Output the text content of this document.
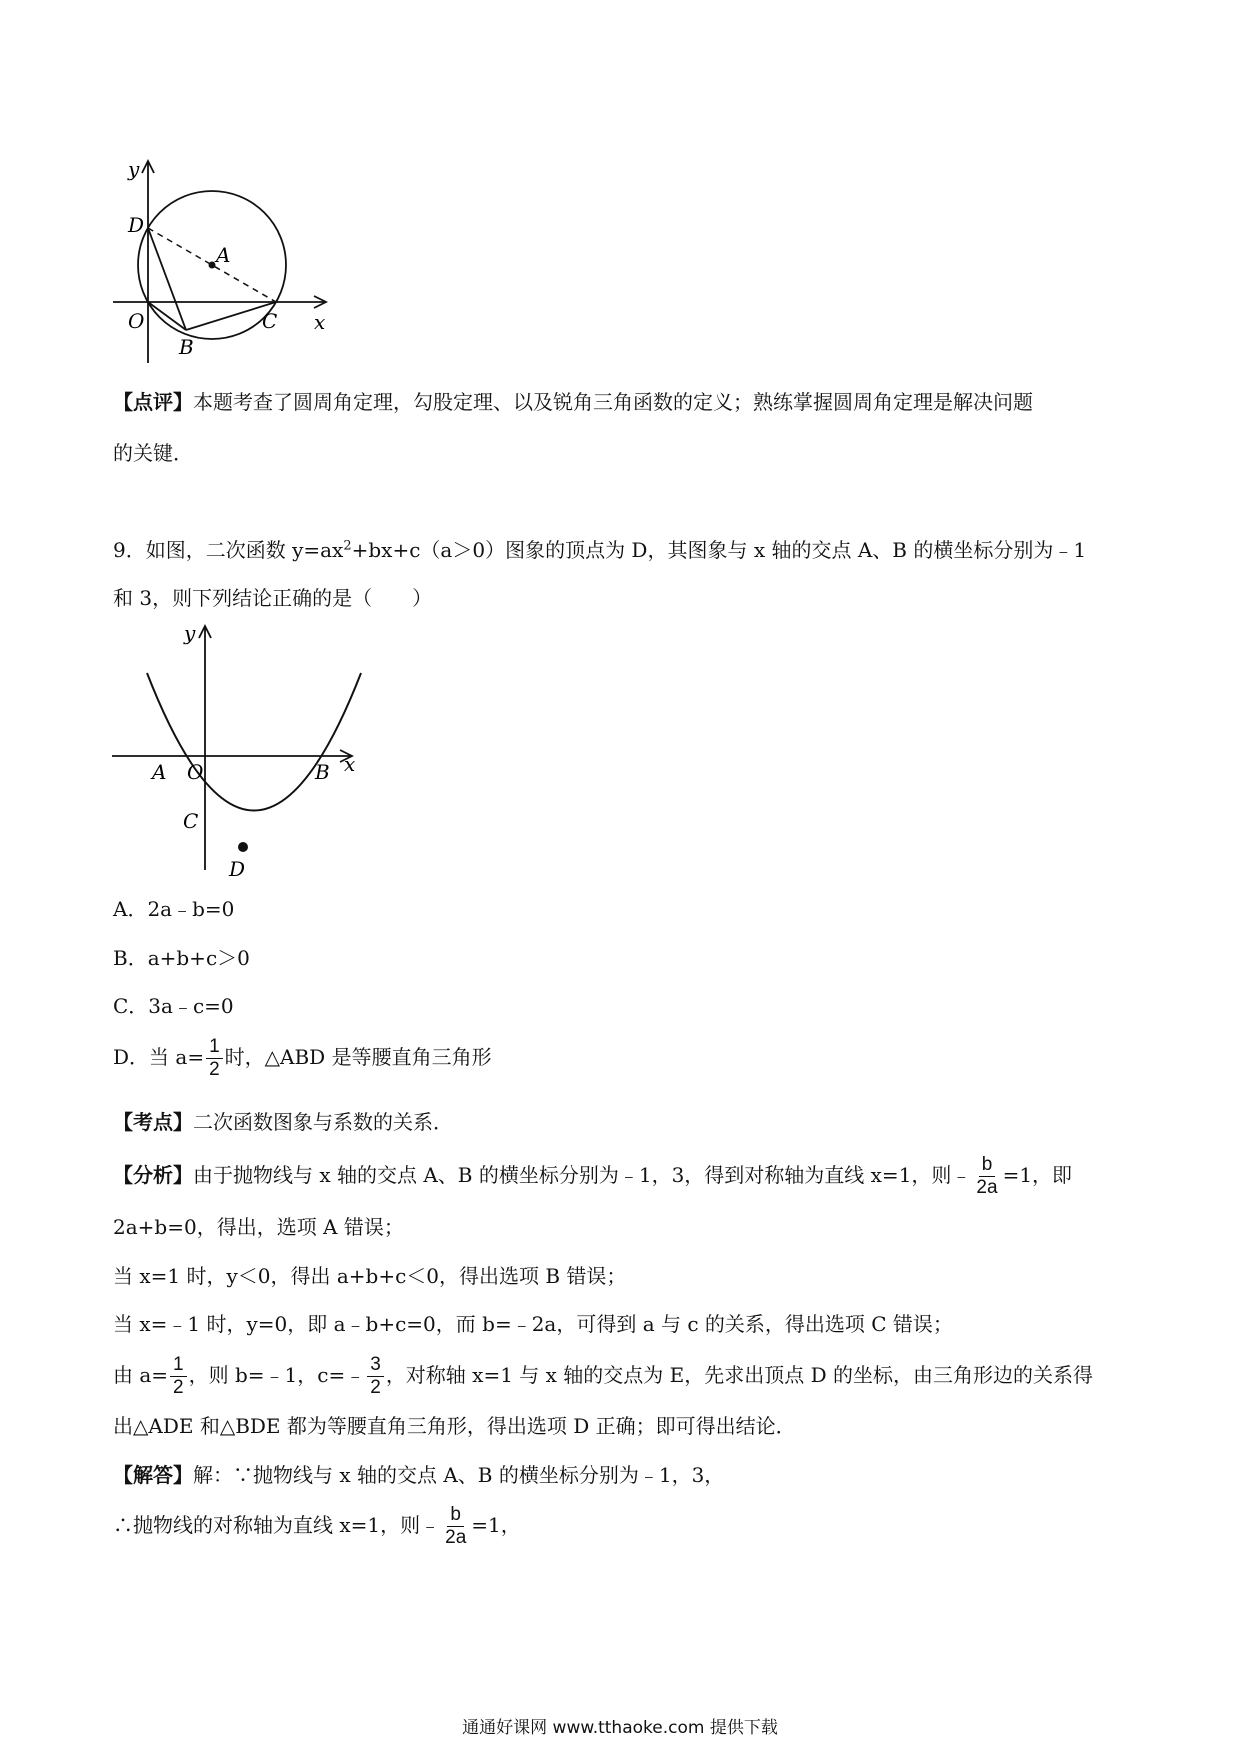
y
x
D
A
O	C
B
【点评】本题考查了圆周角定理，勾股定理、以及锐角三角函数的定义；熟练掌握圆周角定理是解决问题
的关键．
9．如图，二次函数 $y=ax^2+bx+c(a>0)$图象的顶点为 D，其图象与 x 轴的交点 A、B 的横坐标分别为﹣1
和 3，则下列结论正确的是（　　）
y
x
A O	B
C
D
A．2a﹣b=0
B．a+b+c＞0
C．3a﹣c=0
D．当 $a= \frac{1}{2}$ 时，△ABD 是等腰直角三角形
【考点】二次函数图象与系数的关系．
【分析】由于抛物线与 x 轴的交点 A、B 的横坐标分别为﹣1，3，得到对称轴为直线 x=1，则﹣ $\frac{b}{2a} =1$，即
2a+b=0，得出，选项 A 错误；
当 x=1 时，y＜0，得出 a+b+c＜0，得出选项 B 错误；
当 x=﹣1 时，y=0，即 a﹣b+c=0，而 b=﹣2a，可得到 a 与 c 的关系，得出选项 C 错误；
由 $a= \frac{1}{2}$ ，则 b=﹣1，c=﹣ $\frac{3}{2}$ ，对称轴 x=1 与 x 轴的交点为 E，先求出顶点 D 的坐标，由三角形边的关系得
出△ADE 和△BDE 都为等腰直角三角形，得出选项 D 正确；即可得出结论．
【解答】解：∵抛物线与 x 轴的交点 A、B 的横坐标分别为﹣1，3，
∴抛物线的对称轴为直线 x=1，则﹣ $\frac{b}{2a} =1$，
通通好课网 www.tthaoke.com 提供下载
